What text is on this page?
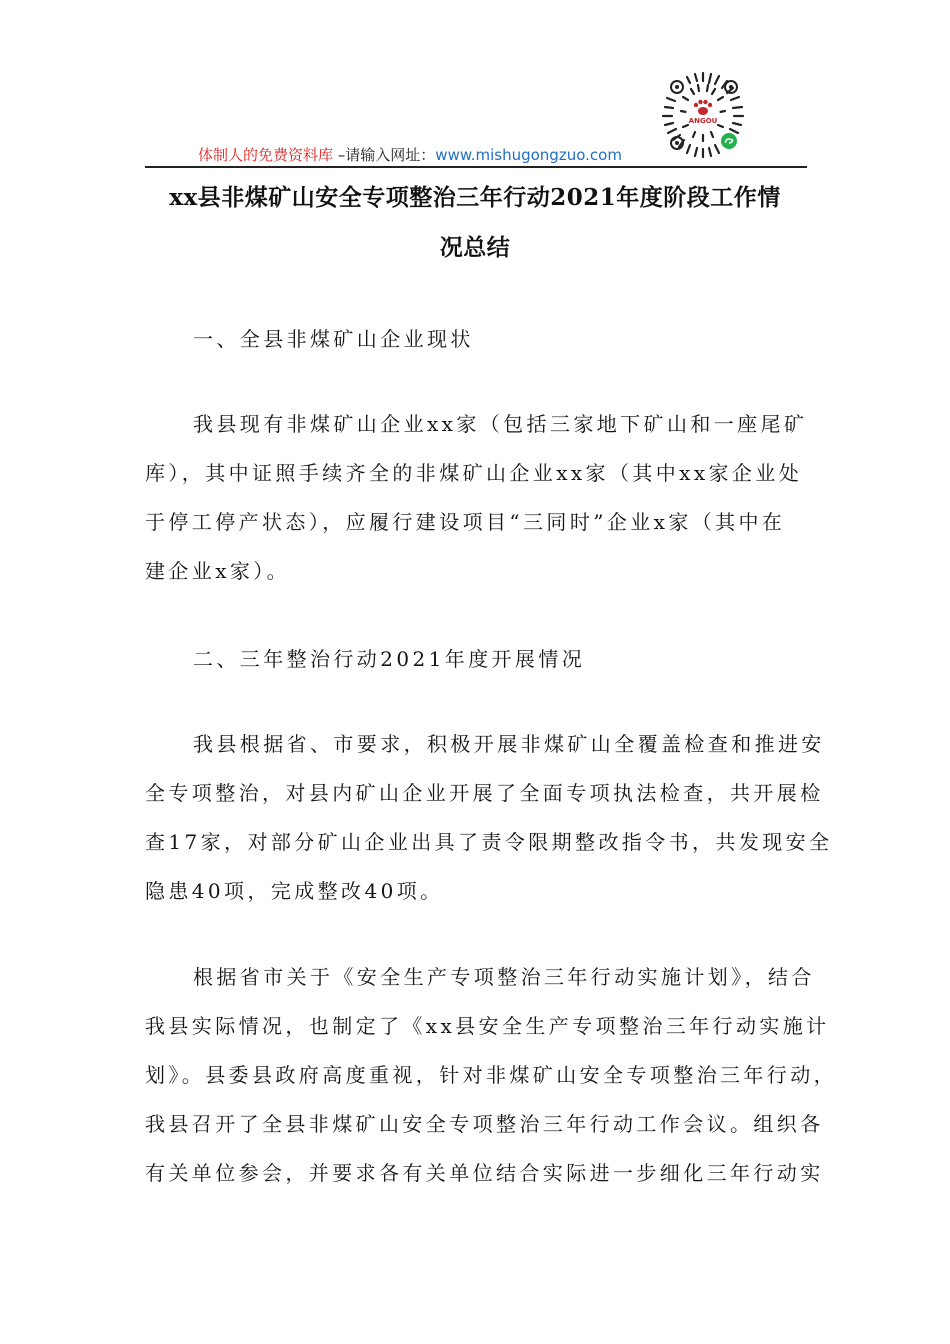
体制人的免费资料库 –请输入网址：www.mishugongzuo.com
ANGOU
xx县非煤矿山安全专项整治三年行动2021年度阶段工作情
况总结
一、全县非煤矿山企业现状
我县现有非煤矿山企业xx家（包括三家地下矿山和一座尾矿
库），其中证照手续齐全的非煤矿山企业xx家（其中xx家企业处
于停工停产状态），应履行建设项目“三同时”企业x家（其中在
建企业x家）。
二、三年整治行动2021年度开展情况
我县根据省、市要求，积极开展非煤矿山全覆盖检查和推进安
全专项整治，对县内矿山企业开展了全面专项执法检查，共开展检
查17家，对部分矿山企业出具了责令限期整改指令书，共发现安全
隐患40项，完成整改40项。
根据省市关于《安全生产专项整治三年行动实施计划》，结合
我县实际情况，也制定了《xx县安全生产专项整治三年行动实施计
划》。县委县政府高度重视，针对非煤矿山安全专项整治三年行动，
我县召开了全县非煤矿山安全专项整治三年行动工作会议。组织各
有关单位参会，并要求各有关单位结合实际进一步细化三年行动实
